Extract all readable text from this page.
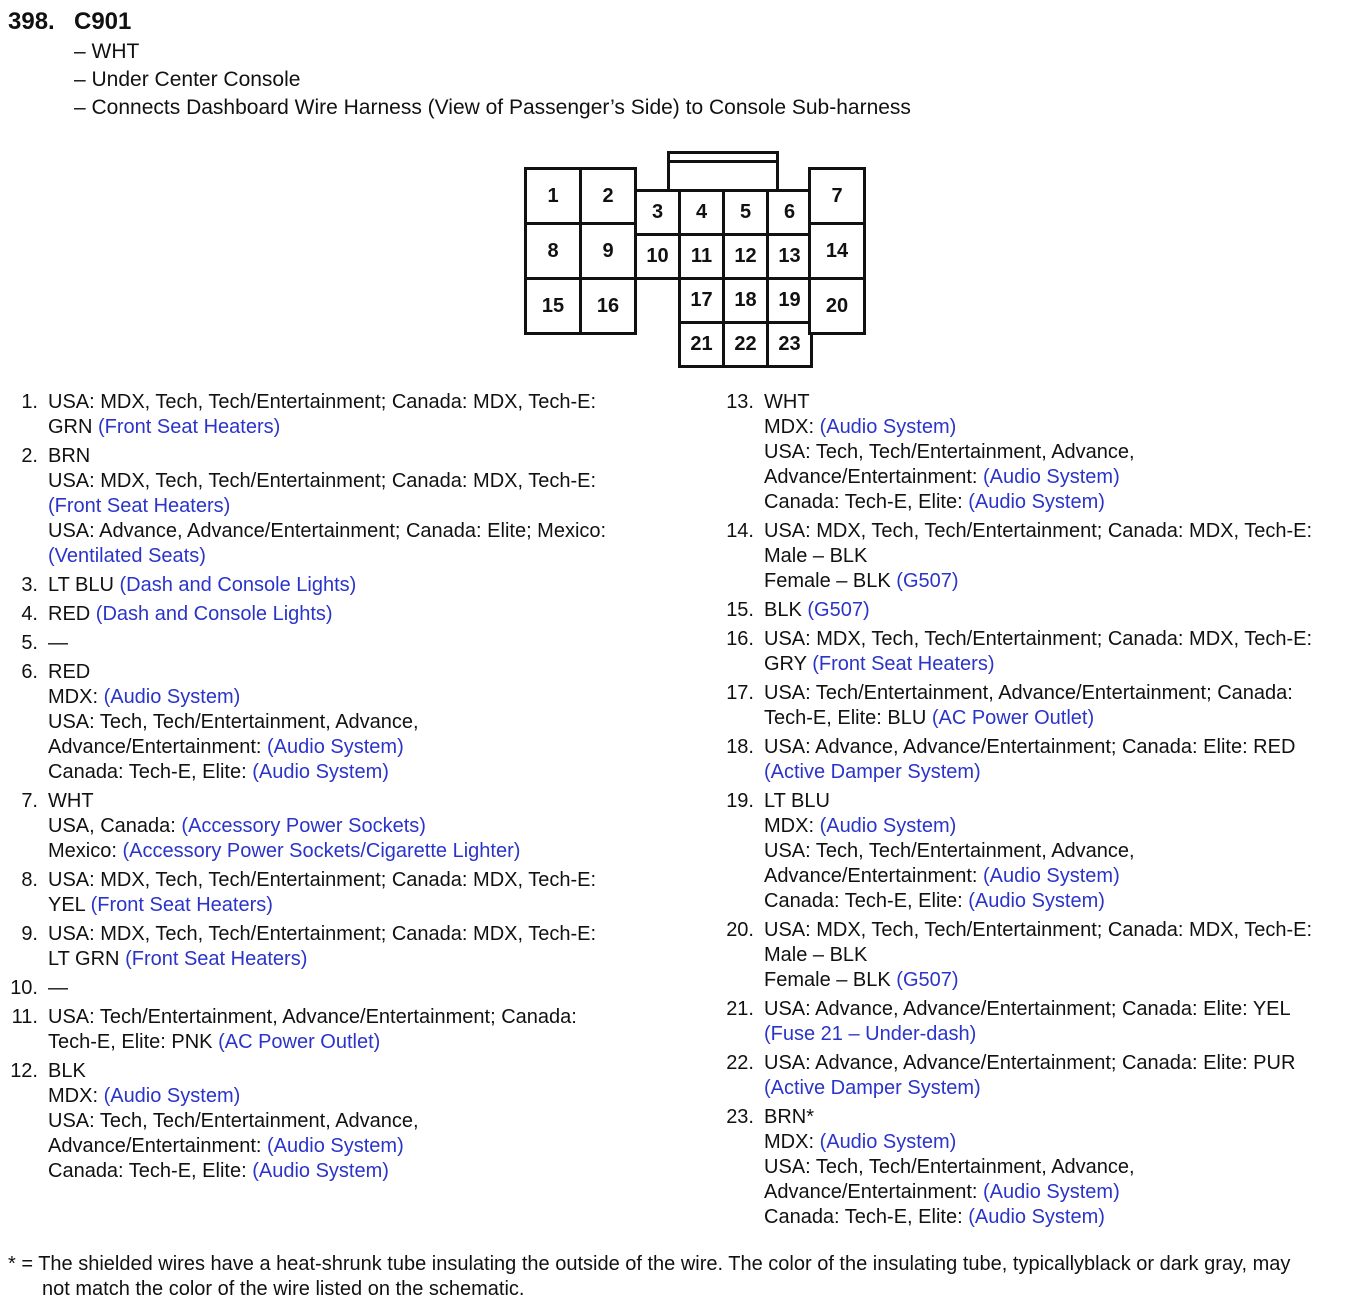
398. C901
– WHT
– Under Center Console
– Connects Dashboard Wire Harness (View of Passenger’s Side) to Console Sub-harness
1	2
8	9
15	16
3	4	5	6
10	11	12	13
17	18	19
21	22	23
7
14
20
1. USA: MDX, Tech, Tech/Entertainment; Canada: MDX, Tech-E:
GRN (Front Seat Heaters)
2. BRN
USA: MDX, Tech, Tech/Entertainment; Canada: MDX, Tech-E:
(Front Seat Heaters)
USA: Advance, Advance/Entertainment; Canada: Elite; Mexico:
(Ventilated Seats)
3. LT BLU (Dash and Console Lights)
4. RED (Dash and Console Lights)
5. —
6. RED
MDX: (Audio System)
USA: Tech, Tech/Entertainment, Advance,
Advance/Entertainment: (Audio System)
Canada: Tech-E, Elite: (Audio System)
7. WHT
USA, Canada: (Accessory Power Sockets)
Mexico: (Accessory Power Sockets/Cigarette Lighter)
8. USA: MDX, Tech, Tech/Entertainment; Canada: MDX, Tech-E:
YEL (Front Seat Heaters)
9. USA: MDX, Tech, Tech/Entertainment; Canada: MDX, Tech-E:
LT GRN (Front Seat Heaters)
10. —
11. USA: Tech/Entertainment, Advance/Entertainment; Canada:
Tech-E, Elite: PNK (AC Power Outlet)
12. BLK
MDX: (Audio System)
USA: Tech, Tech/Entertainment, Advance,
Advance/Entertainment: (Audio System)
Canada: Tech-E, Elite: (Audio System)
13. WHT
MDX: (Audio System)
USA: Tech, Tech/Entertainment, Advance,
Advance/Entertainment: (Audio System)
Canada: Tech-E, Elite: (Audio System)
14. USA: MDX, Tech, Tech/Entertainment; Canada: MDX, Tech-E:
Male – BLK
Female – BLK (G507)
15. BLK (G507)
16. USA: MDX, Tech, Tech/Entertainment; Canada: MDX, Tech-E:
GRY (Front Seat Heaters)
17. USA: Tech/Entertainment, Advance/Entertainment; Canada:
Tech-E, Elite: BLU (AC Power Outlet)
18. USA: Advance, Advance/Entertainment; Canada: Elite: RED
(Active Damper System)
19. LT BLU
MDX: (Audio System)
USA: Tech, Tech/Entertainment, Advance,
Advance/Entertainment: (Audio System)
Canada: Tech-E, Elite: (Audio System)
20. USA: MDX, Tech, Tech/Entertainment; Canada: MDX, Tech-E:
Male – BLK
Female – BLK (G507)
21. USA: Advance, Advance/Entertainment; Canada: Elite: YEL
(Fuse 21 – Under-dash)
22. USA: Advance, Advance/Entertainment; Canada: Elite: PUR
(Active Damper System)
23. BRN*
MDX: (Audio System)
USA: Tech, Tech/Entertainment, Advance,
Advance/Entertainment: (Audio System)
Canada: Tech-E, Elite: (Audio System)
* = The shielded wires have a heat-shrunk tube insulating the outside of the wire. The color of the insulating tube, typicallyblack or dark gray, may
not match the color of the wire listed on the schematic.
